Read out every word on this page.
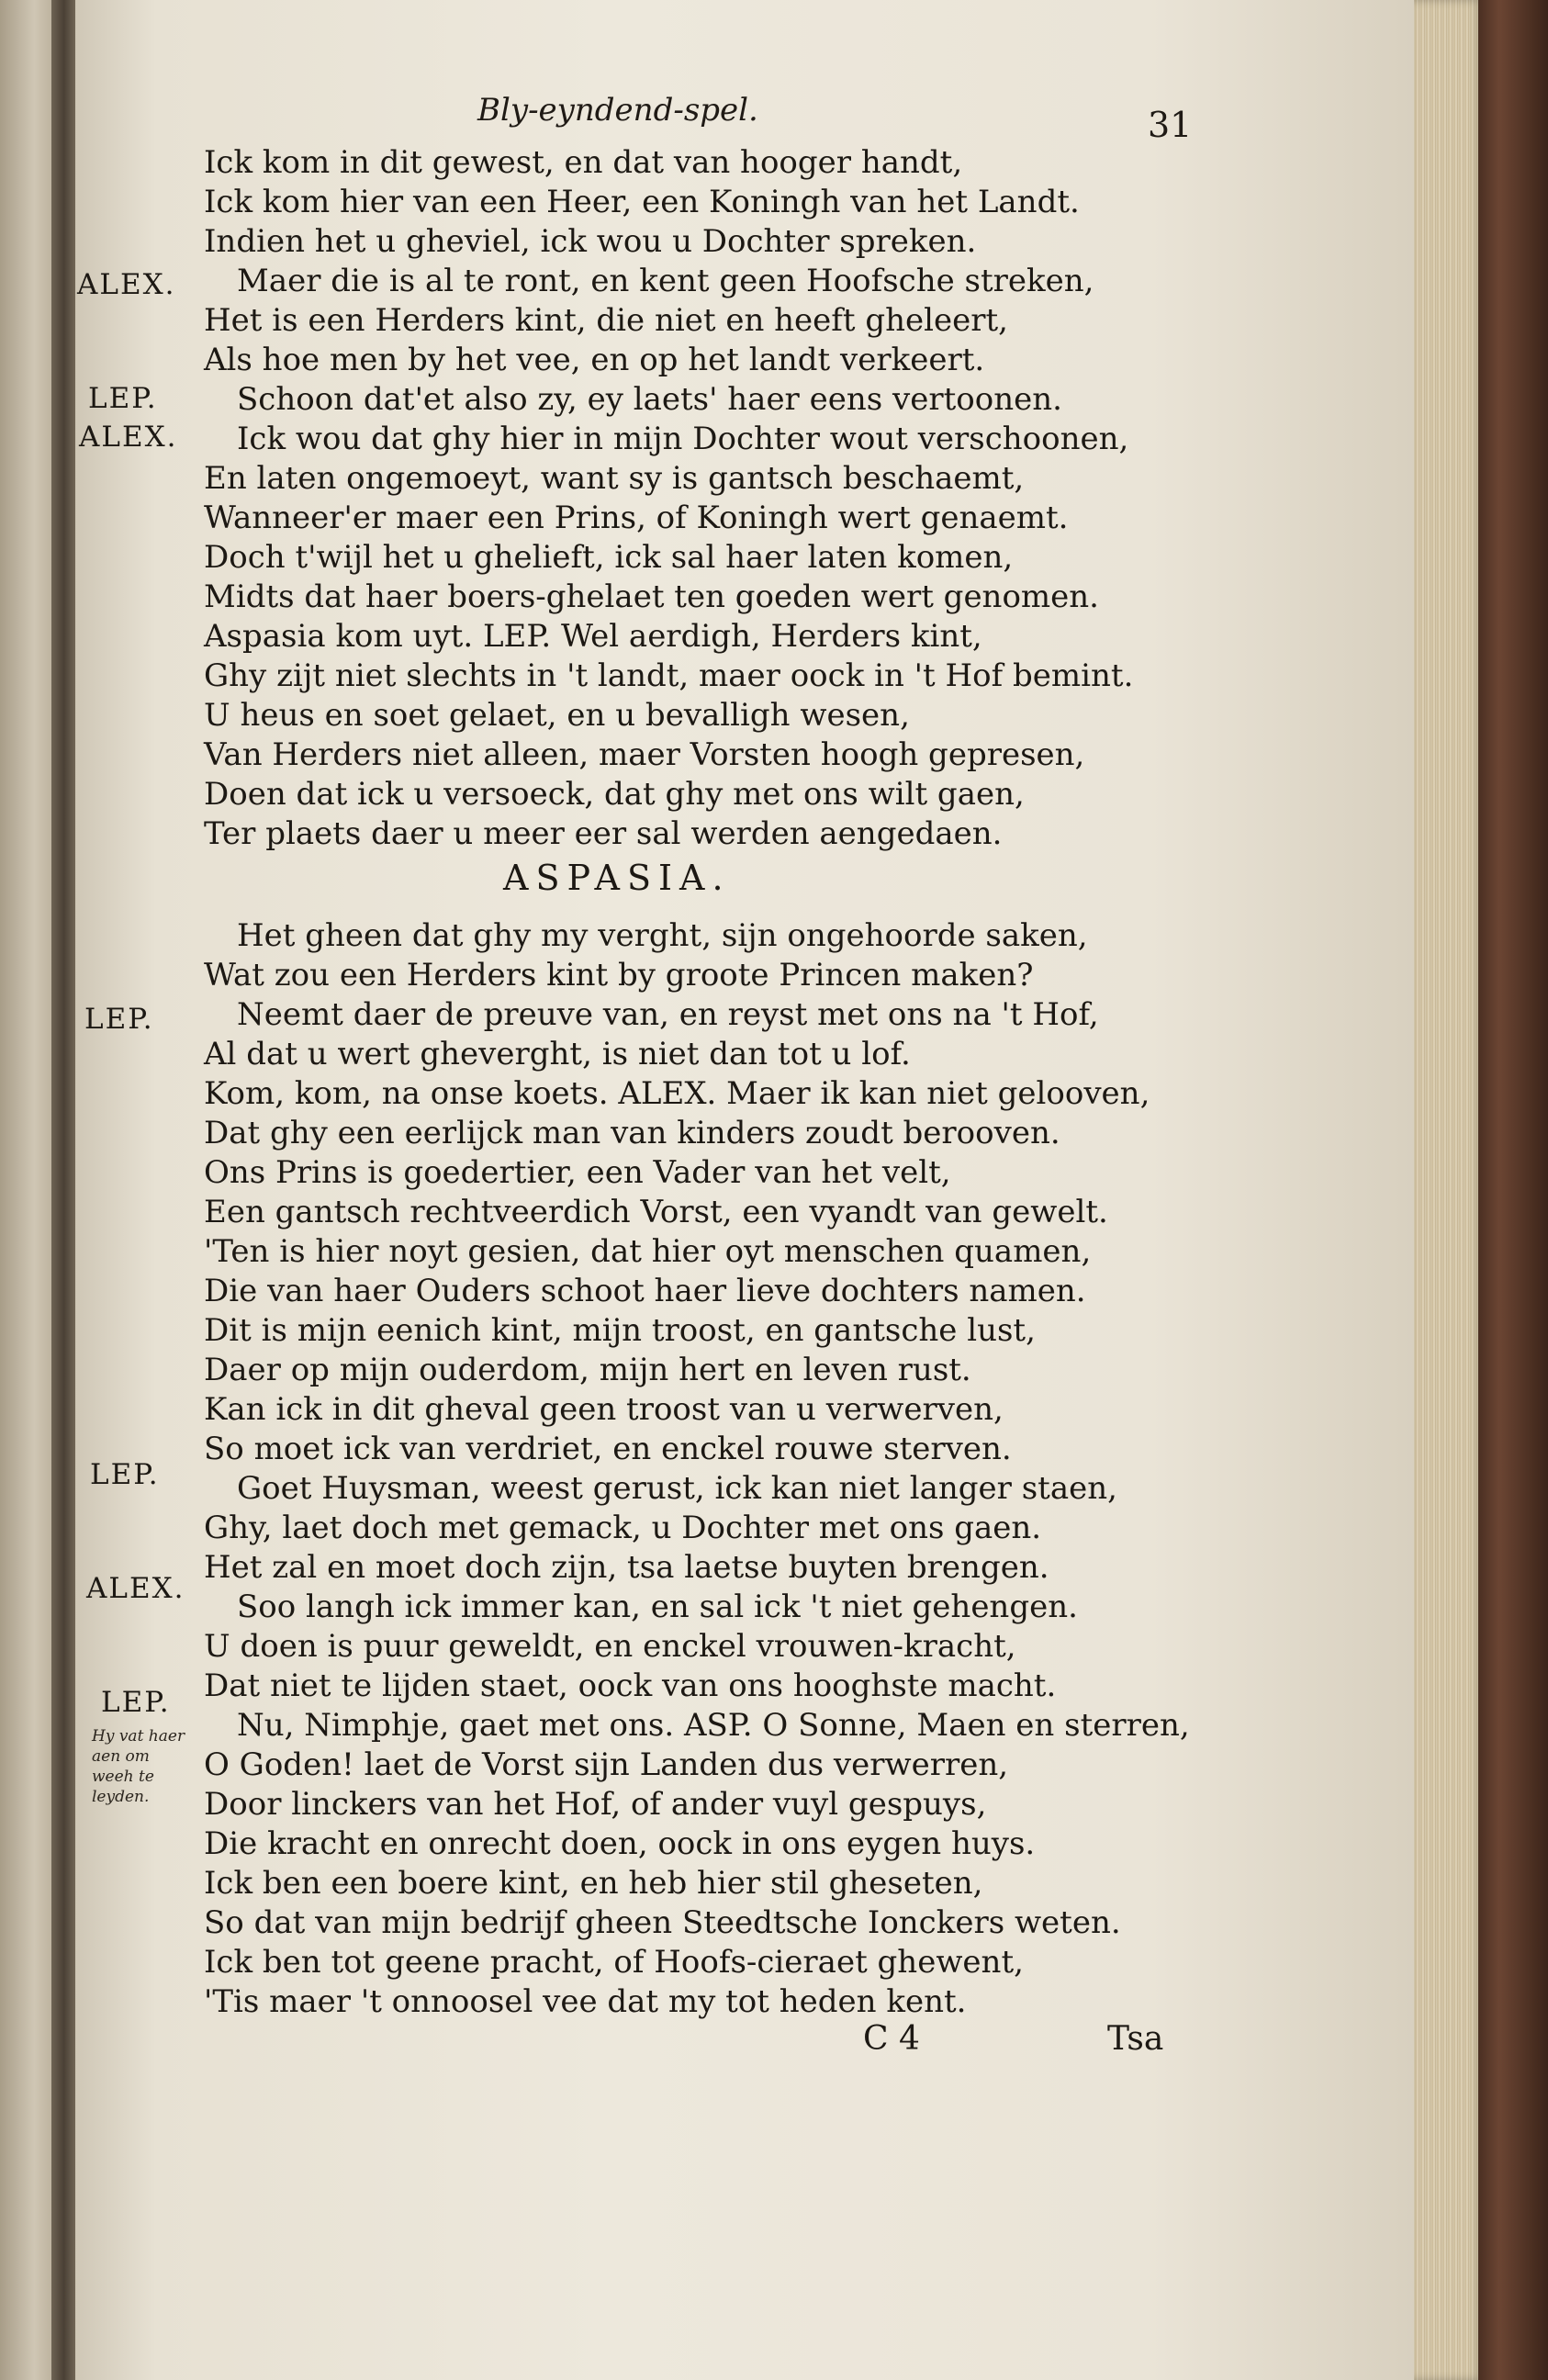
Bly-eyndend-spel.	31
ALEX.
LEP.
ALEX.
LEP.
LEP.
ALEX.
LEP.
Hy vat haer aen om weeh te leyden.
Ick kom in dit gewest, en dat van hooger handt,
Ick kom hier van een Heer, een Koningh van het Landt.
Indien het u gheviel, ick wou u Dochter spreken.
Maer die is al te ront, en kent geen Hoofsche streken,
Het is een Herders kint, die niet en heeft gheleert,
Als hoe men by het vee, en op het landt verkeert.
Schoon dat'et also zy, ey laets' haer eens vertoonen.
Ick wou dat ghy hier in mijn Dochter wout verschoonen,
En laten ongemoeyt, want sy is gantsch beschaemt,
Wanneer'er maer een Prins, of Koningh wert genaemt.
Doch t'wijl het u ghelieft, ick sal haer laten komen,
Midts dat haer boers-ghelaet ten goeden wert genomen.
Aspasia kom uyt. LEP. Wel aerdigh, Herders kint,
Ghy zijt niet slechts in 't landt, maer oock in 't Hof bemint.
U heus en soet gelaet, en u bevalligh wesen,
Van Herders niet alleen, maer Vorsten hoogh gepresen,
Doen dat ick u versoeck, dat ghy met ons wilt gaen,
Ter plaets daer u meer eer sal werden aengedaen.
ASPASIA.
Het gheen dat ghy my verght, sijn ongehoorde saken,
Wat zou een Herders kint by groote Princen maken?
Neemt daer de preuve van, en reyst met ons na 't Hof,
Al dat u wert gheverght, is niet dan tot u lof.
Kom, kom, na onse koets. ALEX. Maer ik kan niet gelooven,
Dat ghy een eerlijck man van kinders zoudt berooven.
Ons Prins is goedertier, een Vader van het velt,
Een gantsch rechtveerdich Vorst, een vyandt van gewelt.
'Ten is hier noyt gesien, dat hier oyt menschen quamen,
Die van haer Ouders schoot haer lieve dochters namen.
Dit is mijn eenich kint, mijn troost, en gantsche lust,
Daer op mijn ouderdom, mijn hert en leven rust.
Kan ick in dit gheval geen troost van u verwerven,
So moet ick van verdriet, en enckel rouwe sterven.
Goet Huysman, weest gerust, ick kan niet langer staen,
Ghy, laet doch met gemack, u Dochter met ons gaen.
Het zal en moet doch zijn, tsa laetse buyten brengen.
Soo langh ick immer kan, en sal ick 't niet gehengen.
U doen is puur geweldt, en enckel vrouwen-kracht,
Dat niet te lijden staet, oock van ons hooghste macht.
Nu, Nimphje, gaet met ons. ASP. O Sonne, Maen en sterren,
O Goden! laet de Vorst sijn Landen dus verwerren,
Door linckers van het Hof, of ander vuyl gespuys,
Die kracht en onrecht doen, oock in ons eygen huys.
Ick ben een boere kint, en heb hier stil gheseten,
So dat van mijn bedrijf gheen Steedtsche Ionckers weten.
Ick ben tot geene pracht, of Hoofs-cieraet ghewent,
'Tis maer 't onnoosel vee dat my tot heden kent.
C 4	Tsa
